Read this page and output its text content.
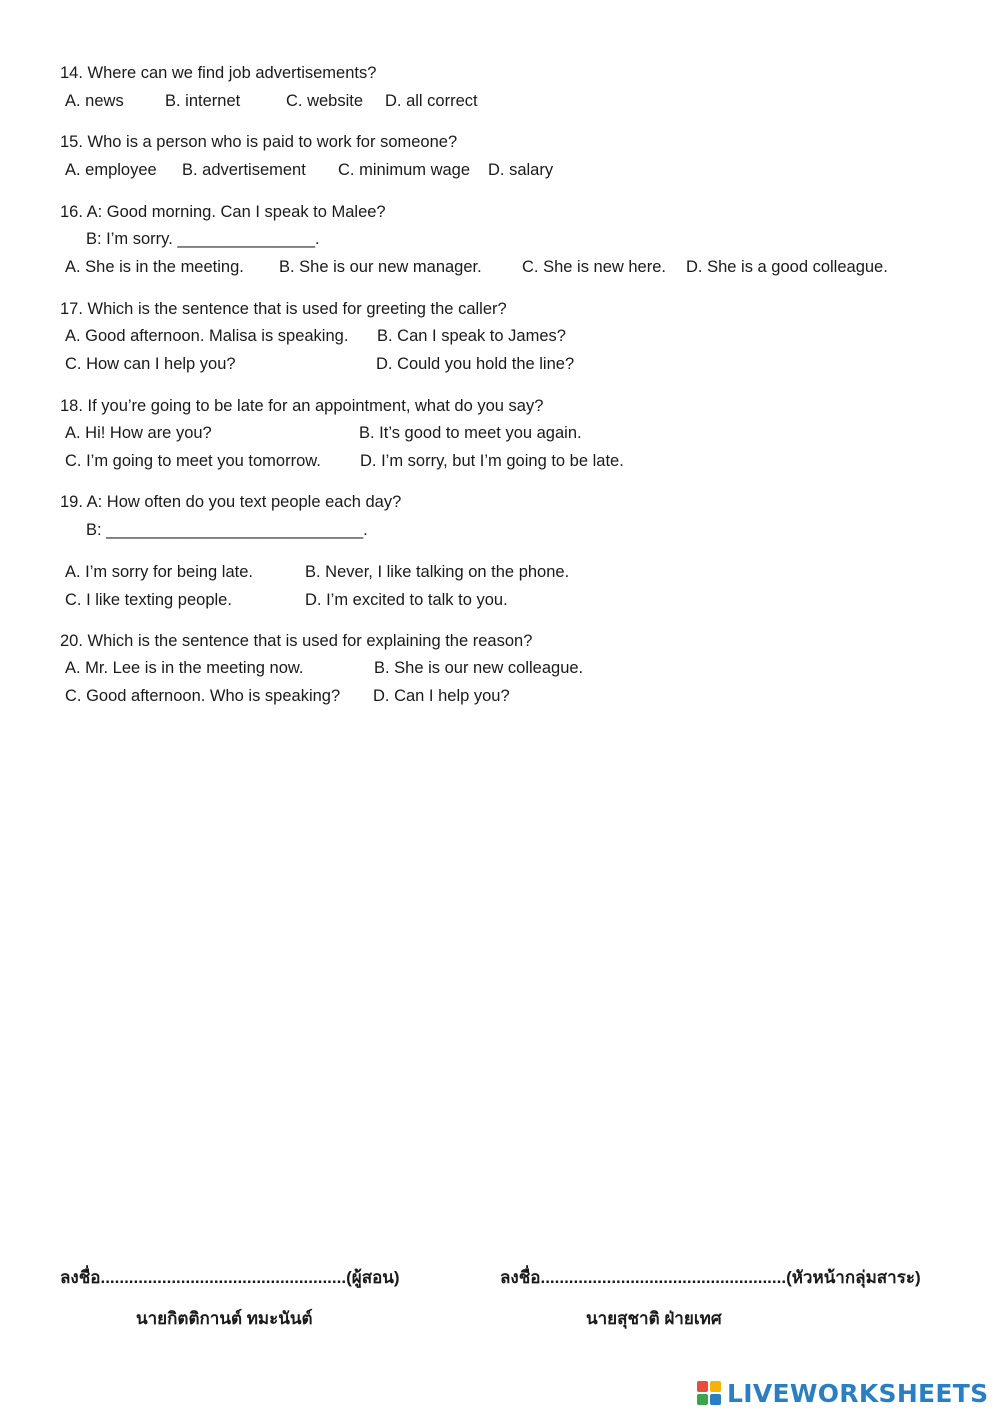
14. Where can we find job advertisements?
A. news	B. internet	C. website D. all correct
15. Who is a person who is paid to work for someone?
A. employee B. advertisement C. minimum wage D. salary
16. A: Good morning. Can I speak to Malee?
B: I’m sorry. _______________.
A. She is in the meeting. B. She is our new manager. C. She is new here. D. She is a good colleague.
17. Which is the sentence that is used for greeting the caller?
A. Good afternoon. Malisa is speaking. B. Can I speak to James?
C. How can I help you?	D. Could you hold the line?
18. If you’re going to be late for an appointment, what do you say?
A. Hi! How are you?	B. It’s good to meet you again.
C. I’m going to meet you tomorrow. D. I’m sorry, but I’m going to be late.
19. A: How often do you text people each day?
B: ____________________________.
A. I’m sorry for being late.	B. Never, I like talking on the phone.
C. I like texting people.	D. I’m excited to talk to you.
20. Which is the sentence that is used for explaining the reason?
A. Mr. Lee is in the meeting now.	B. She is our new colleague.
C. Good afternoon. Who is speaking? D. Can I help you?
ลงชื่อ....................................................(ผู้สอน)
นายกิตติกานต์ ทมะนันต์
ลงชื่อ....................................................(หัวหน้ากลุ่มสาระ)
นายสุชาติ ฝ่ายเทศ
LIVEWORKSHEETS
